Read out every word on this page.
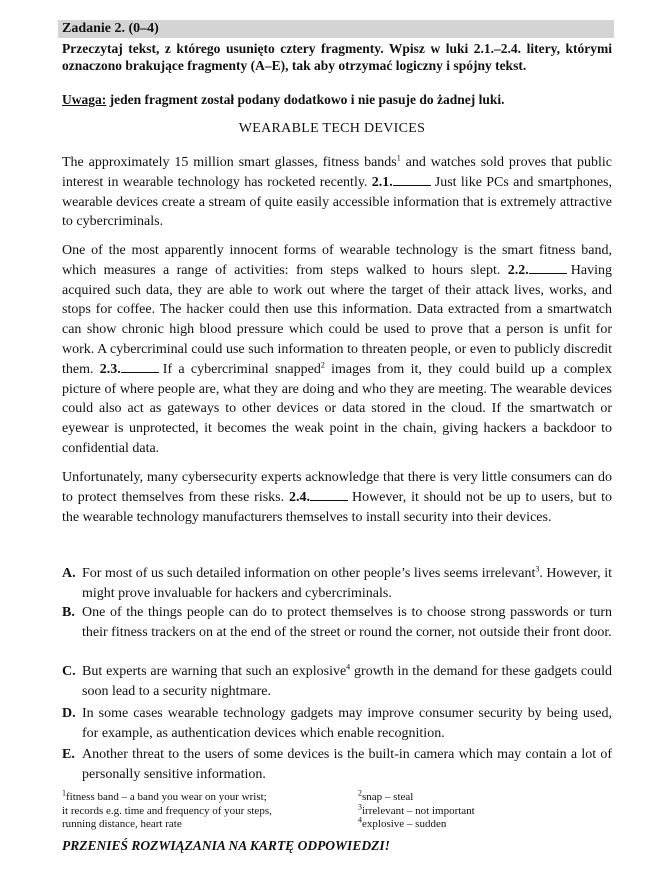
Zadanie 2. (0–4)
Przeczytaj tekst, z którego usunięto cztery fragmenty. Wpisz w luki 2.1.–2.4. litery, którymi oznaczono brakujące fragmenty (A–E), tak aby otrzymać logiczny i spójny tekst.
Uwaga: jeden fragment został podany dodatkowo i nie pasuje do żadnej luki.
WEARABLE TECH DEVICES
The approximately 15 million smart glasses, fitness bands$^1$ and watches sold proves that public interest in wearable technology has rocketed recently. 2.1.	Just like PCs and smartphones, wearable devices create a stream of quite easily accessible information that is extremely attractive to cybercriminals.
One of the most apparently innocent forms of wearable technology is the smart fitness band, which measures a range of activities: from steps walked to hours slept. 2.2.	Having acquired such data, they are able to work out where the target of their attack lives, works, and stops for coffee. The hacker could then use this information. Data extracted from a smartwatch can show chronic high blood pressure which could be used to prove that a person is unfit for work. A cybercriminal could use such information to threaten people, or even to publicly discredit them. 2.3.	If a cybercriminal snapped$^2$ images from it, they could build up a complex picture of where people are, what they are doing and who they are meeting. The wearable devices could also act as gateways to other devices or data stored in the cloud. If the smartwatch or eyewear is unprotected, it becomes the weak point in the chain, giving hackers a backdoor to confidential data.
Unfortunately, many cybersecurity experts acknowledge that there is very little consumers can do to protect themselves from these risks. 2.4.	However, it should not be up to users, but to the wearable technology manufacturers themselves to install security into their devices.
A. For most of us such detailed information on other people’s lives seems irrelevant$^3$. However, it might prove invaluable for hackers and cybercriminals.
B. One of the things people can do to protect themselves is to choose strong passwords or turn their fitness trackers on at the end of the street or round the corner, not outside their front door.
C. But experts are warning that such an explosive$^4$ growth in the demand for these gadgets could soon lead to a security nightmare.
D. In some cases wearable technology gadgets may improve consumer security by being used, for example, as authentication devices which enable recognition.
E. Another threat to the users of some devices is the built-in camera which may contain a lot of personally sensitive information.
$^1$fitness band – a band you wear on your wrist;
it records e.g. time and frequency of your steps,
running distance, heart rate
$^2$snap – steal
$^3$irrelevant – not important
$^4$explosive – sudden
PRZENIEŚ ROZWIĄZANIA NA KARTĘ ODPOWIEDZI!
